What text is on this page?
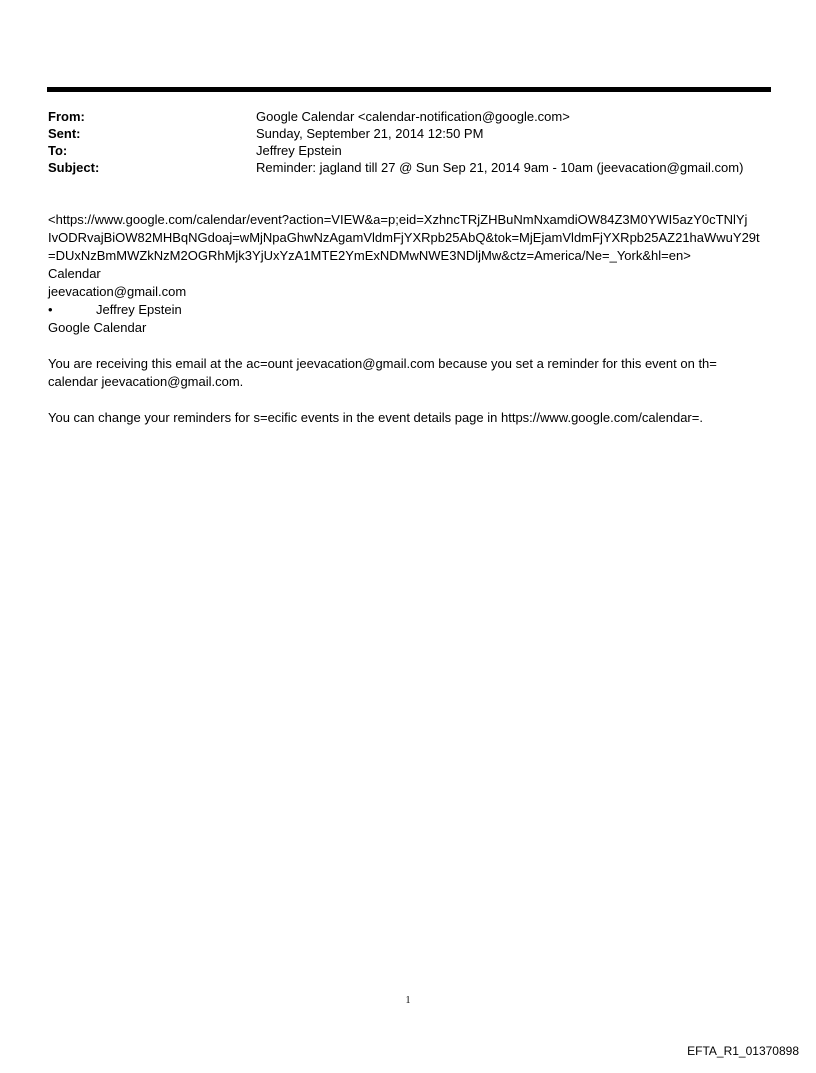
From:	Google Calendar <calendar-notification@google.com>
Sent:	Sunday, September 21, 2014 12:50 PM
To:	Jeffrey Epstein
Subject:	Reminder: jagland till 27 @ Sun Sep 21, 2014 9am - 10am (jeevacation@gmail.com)
<https://www.google.com/calendar/event?action=VIEW&a=p;eid=XzhncTRjZHBuNmNxamdiOW84Z3M0YWI5azY0cTNlYj
IvODRvajBiOW82MHBqNGdoaj=wMjNpaGhwNzAgamVldmFjYXRpb25AbQ&tok=MjEjamVldmFjYXRpb25AZ21haWwuY29t
=DUxNzBmMWZkNzM2OGRhMjk3YjUxYzA1MTE2YmExNDMwNWE3NDljMw&ctz=America/Ne=_York&hl=en>
Calendar
jeevacation@gmail.com
•	Jeffrey Epstein
Google Calendar
You are receiving this email at the ac=ount jeevacation@gmail.com because you set a reminder for this event on th=
calendar jeevacation@gmail.com.
You can change your reminders for s=ecific events in the event details page in https://www.google.com/calendar=.
1
EFTA_R1_01370898
